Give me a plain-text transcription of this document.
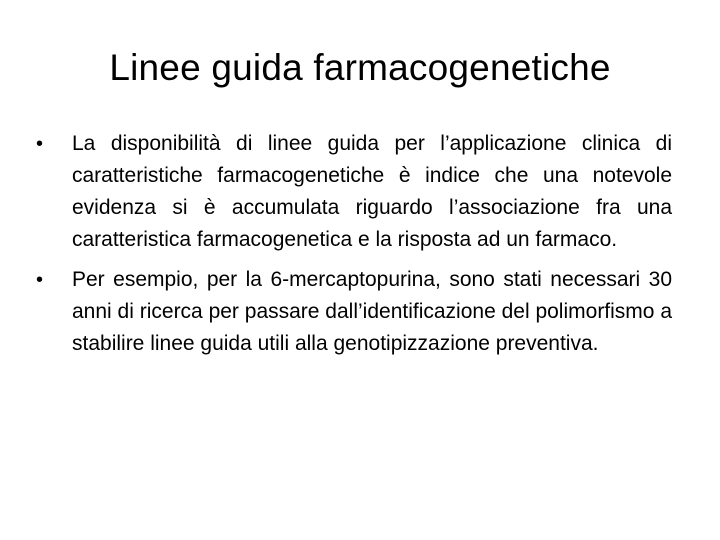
Linee guida farmacogenetiche
•	La disponibilità di linee guida per l’applicazione clinica di caratteristiche farmacogenetiche è indice che una notevole evidenza si è accumulata riguardo l’associazione fra una caratteristica farmacogenetica e la risposta ad un farmaco.
•	Per esempio, per la 6-mercaptopurina, sono stati necessari 30 anni di ricerca per passare dall’identificazione del polimorfismo a stabilire linee guida utili alla genotipizzazione preventiva.
